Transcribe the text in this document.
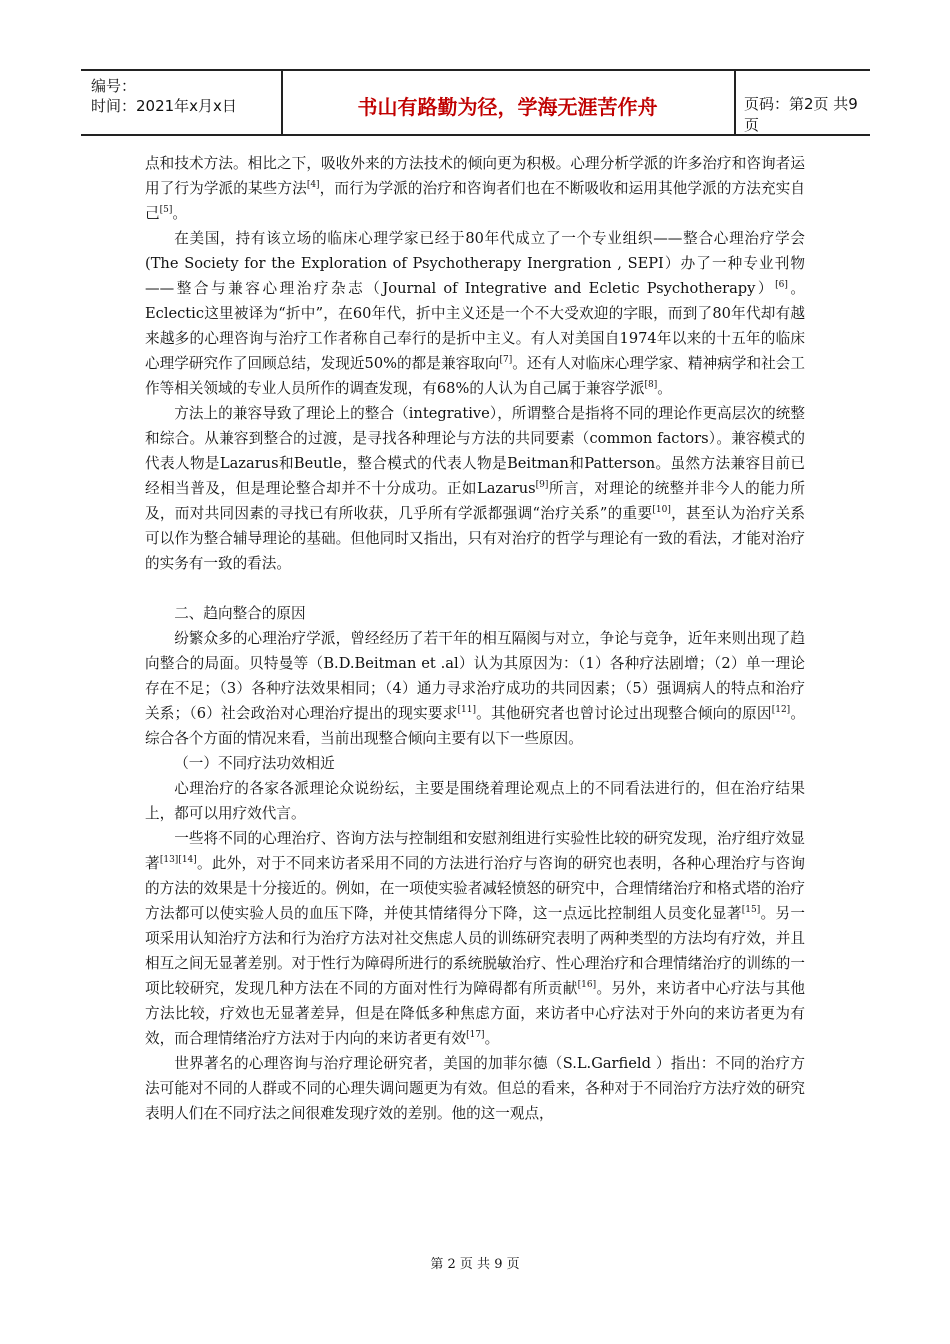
编号：
时间：2021年x月x日	书山有路勤为径，学海无涯苦作舟	页码：第2页 共9页

点和技术方法。相比之下，吸收外来的方法技术的倾向更为积极。心理分析学派的许多治疗和咨询者运用了行为学派的某些方法[4]，而行为学派的治疗和咨询者们也在不断吸收和运用其他学派的方法充实自己[5]。

在美国，持有该立场的临床心理学家已经于80年代成立了一个专业组织——整合心理治疗学会(The Society for the Exploration of Psychotherapy Inergration , SEPI）办了一种专业刊物——整合与兼容心理治疗杂志（Journal of Integrative and Ecletic Psychotherapy）[6]。Eclectic这里被译为“折中”，在60年代，折中主义还是一个不大受欢迎的字眼，而到了80年代却有越来越多的心理咨询与治疗工作者称自己奉行的是折中主义。有人对美国自1974年以来的十五年的临床心理学研究作了回顾总结，发现近50%的都是兼容取向[7]。还有人对临床心理学家、精神病学和社会工作等相关领域的专业人员所作的调查发现，有68%的人认为自己属于兼容学派[8]。

方法上的兼容导致了理论上的整合（integrative），所谓整合是指将不同的理论作更高层次的统整和综合。从兼容到整合的过渡，是寻找各种理论与方法的共同要素（common factors）。兼容模式的代表人物是Lazarus和Beutle，整合模式的代表人物是Beitman和Patterson。虽然方法兼容目前已经相当普及，但是理论整合却并不十分成功。正如Lazarus[9]所言，对理论的统整并非今人的能力所及，而对共同因素的寻找已有所收获，几乎所有学派都强调“治疗关系”的重要[10]，甚至认为治疗关系可以作为整合辅导理论的基础。但他同时又指出，只有对治疗的哲学与理论有一致的看法，才能对治疗的实务有一致的看法。

二、趋向整合的原因

纷繁众多的心理治疗学派，曾经经历了若干年的相互隔阂与对立，争论与竞争，近年来则出现了趋向整合的局面。贝特曼等（B.D.Beitman et .al）认为其原因为：（1）各种疗法剧增；（2）单一理论存在不足；（3）各种疗法效果相同；（4）通力寻求治疗成功的共同因素；（5）强调病人的特点和治疗关系；（6）社会政治对心理治疗提出的现实要求[11]。其他研究者也曾讨论过出现整合倾向的原因[12]。综合各个方面的情况来看，当前出现整合倾向主要有以下一些原因。

（一）不同疗法功效相近

心理治疗的各家各派理论众说纷纭，主要是围绕着理论观点上的不同看法进行的，但在治疗结果上，都可以用疗效代言。

一些将不同的心理治疗、咨询方法与控制组和安慰剂组进行实验性比较的研究发现，治疗组疗效显著[13][14]。此外，对于不同来访者采用不同的方法进行治疗与咨询的研究也表明，各种心理治疗与咨询的方法的效果是十分接近的。例如，在一项使实验者减轻愤怒的研究中，合理情绪治疗和格式塔的治疗方法都可以使实验人员的血压下降，并使其情绪得分下降，这一点远比控制组人员变化显著[15]。另一项采用认知治疗方法和行为治疗方法对社交焦虑人员的训练研究表明了两种类型的方法均有疗效，并且相互之间无显著差别。对于性行为障碍所进行的系统脱敏治疗、性心理治疗和合理情绪治疗的训练的一项比较研究，发现几种方法在不同的方面对性行为障碍都有所贡献[16]。另外，来访者中心疗法与其他方法比较，疗效也无显著差异，但是在降低多种焦虑方面，来访者中心疗法对于外向的来访者更为有效，而合理情绪治疗方法对于内向的来访者更有效[17]。

世界著名的心理咨询与治疗理论研究者，美国的加菲尔德（S.L.Garfield ）指出：不同的治疗方法可能对不同的人群或不同的心理失调问题更为有效。但总的看来，各种对于不同治疗方法疗效的研究表明人们在不同疗法之间很难发现疗效的差别。他的这一观点，

第 2 页 共 9 页
